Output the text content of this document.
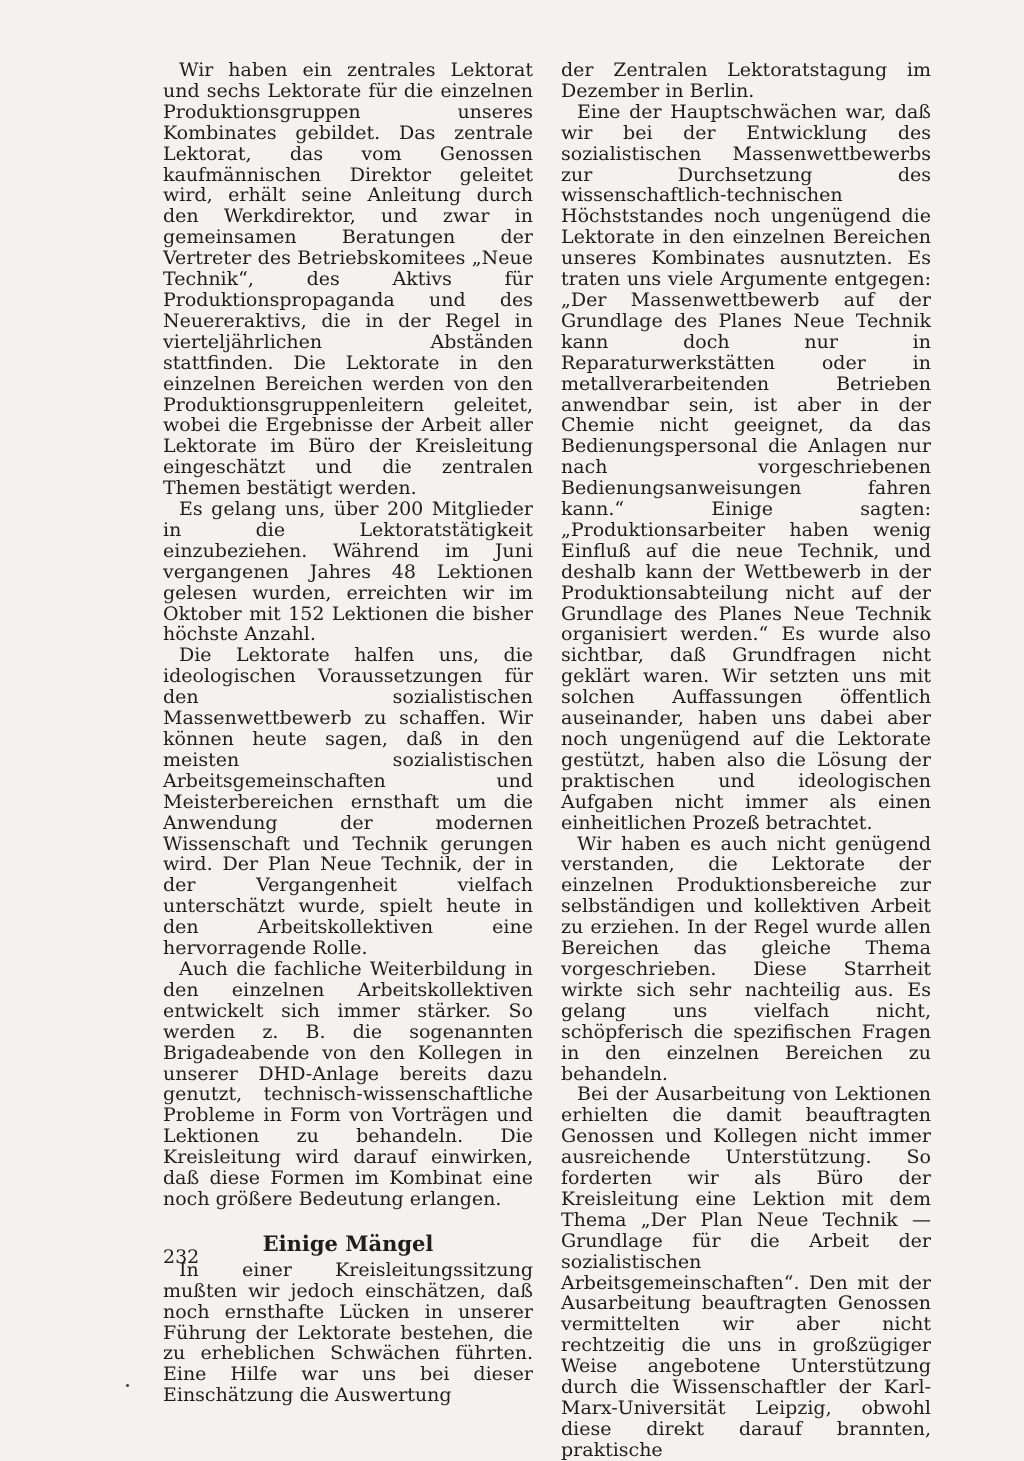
Wir haben ein zentrales Lektorat und sechs Lektorate für die einzelnen Produktionsgruppen unseres Kombinates gebildet. Das zentrale Lektorat, das vom Genossen kaufmännischen Direktor geleitet wird, erhält seine Anleitung durch den Werkdirektor, und zwar in gemeinsamen Beratungen der Vertreter des Betriebskomitees „Neue Technik“, des Aktivs für Produktionspropaganda und des Neuereraktivs, die in der Regel in vierteljährlichen Abständen stattfinden. Die Lektorate in den einzelnen Bereichen werden von den Produktionsgruppenleitern geleitet, wobei die Ergebnisse der Arbeit aller Lektorate im Büro der Kreisleitung eingeschätzt und die zentralen Themen bestätigt werden.

Es gelang uns, über 200 Mitglieder in die Lektoratstätigkeit einzubeziehen. Während im Juni vergangenen Jahres 48 Lektionen gelesen wurden, erreichten wir im Oktober mit 152 Lektionen die bisher höchste Anzahl.

Die Lektorate halfen uns, die ideologischen Voraussetzungen für den sozialistischen Massenwettbewerb zu schaffen. Wir können heute sagen, daß in den meisten sozialistischen Arbeitsgemeinschaften und Meisterbereichen ernsthaft um die Anwendung der modernen Wissenschaft und Technik gerungen wird. Der Plan Neue Technik, der in der Vergangenheit vielfach unterschätzt wurde, spielt heute in den Arbeitskollektiven eine hervorragende Rolle.

Auch die fachliche Weiterbildung in den einzelnen Arbeitskollektiven entwickelt sich immer stärker. So werden z. B. die sogenannten Brigadeabende von den Kollegen in unserer DHD-Anlage bereits dazu genutzt, technisch-wissenschaftliche Probleme in Form von Vorträgen und Lektionen zu behandeln. Die Kreisleitung wird darauf einwirken, daß diese Formen im Kombinat eine noch größere Bedeutung erlangen.

Einige Mängel

In einer Kreisleitungssitzung mußten wir jedoch einschätzen, daß noch ernsthafte Lücken in unserer Führung der Lektorate bestehen, die zu erheblichen Schwächen führten. Eine Hilfe war uns bei dieser Einschätzung die Auswertung

der Zentralen Lektoratstagung im Dezember in Berlin.

Eine der Hauptschwächen war, daß wir bei der Entwicklung des sozialistischen Massenwettbewerbs zur Durchsetzung des wissenschaftlich-technischen Höchststandes noch ungenügend die Lektorate in den einzelnen Bereichen unseres Kombinates ausnutzten. Es traten uns viele Argumente entgegen: „Der Massenwettbewerb auf der Grundlage des Planes Neue Technik kann doch nur in Reparaturwerkstätten oder in metallverarbeitenden Betrieben anwendbar sein, ist aber in der Chemie nicht geeignet, da das Bedienungspersonal die Anlagen nur nach vorgeschriebenen Bedienungsanweisungen fahren kann.“ Einige sagten: „Produktionsarbeiter haben wenig Einfluß auf die neue Technik, und deshalb kann der Wettbewerb in der Produktionsabteilung nicht auf der Grundlage des Planes Neue Technik organisiert werden.“ Es wurde also sichtbar, daß Grundfragen nicht geklärt waren. Wir setzten uns mit solchen Auffassungen öffentlich auseinander, haben uns dabei aber noch ungenügend auf die Lektorate gestützt, haben also die Lösung der praktischen und ideologischen Aufgaben nicht immer als einen einheitlichen Prozeß betrachtet.

Wir haben es auch nicht genügend verstanden, die Lektorate der einzelnen Produktionsbereiche zur selbständigen und kollektiven Arbeit zu erziehen. In der Regel wurde allen Bereichen das gleiche Thema vorgeschrieben. Diese Starrheit wirkte sich sehr nachteilig aus. Es gelang uns vielfach nicht, schöpferisch die spezifischen Fragen in den einzelnen Bereichen zu behandeln.

Bei der Ausarbeitung von Lektionen erhielten die damit beauftragten Genossen und Kollegen nicht immer ausreichende Unterstützung. So forderten wir als Büro der Kreisleitung eine Lektion mit dem Thema „Der Plan Neue Technik — Grundlage für die Arbeit der sozialistischen Arbeitsgemeinschaften“. Den mit der Ausarbeitung beauftragten Genossen vermittelten wir aber nicht rechtzeitig die uns in großzügiger Weise angebotene Unterstützung durch die Wissenschaftler der Karl-Marx-Universität Leipzig, obwohl diese direkt darauf brannten, praktische

232
